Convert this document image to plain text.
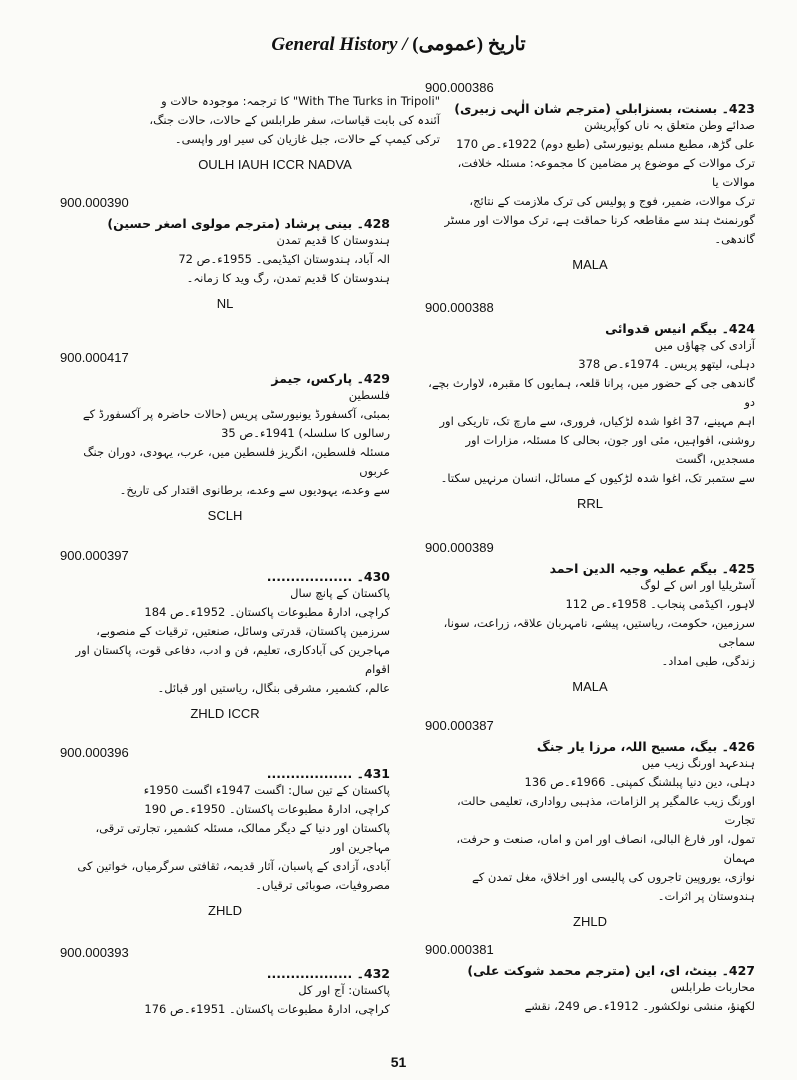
General History / تاریخ (عمومی)
"With The Turks in Tripoli" کا ترجمہ: موجودہ حالات و
آئندہ کی بابت قیاسات، سفر طرابلس کے حالات، حالات جنگ،
ترکی کیمپ کے حالات، جبل غازیان کی سیر اور واپسی۔
OULH IAUH ICCR NADVA
900.000386
423۔ بسنت، بسنزابلی (مترجم شان الٰہی زبیری)
صدائے وطن متعلق بہ ناں کوآپریشن
علی گڑھ، مطبع مسلم یونیورسٹی (طبع دوم) 1922ء۔ص 170
ترک موالات کے موضوع پر مضامین کا مجموعہ: مسئلہ خلافت، موالات یا
ترک موالات، ضمیر، فوج و پولیس کی ترک ملازمت کے نتائج،
گورنمنٹ ہند سے مقاطعہ کرنا حماقت ہے، ترک موالات اور مسٹر
گاندھی۔
MALA
900.000388
424۔ بیگم انیس قدوائی
آزادی کی چھاؤں میں
دہلی، لیتھو پریس۔ 1974ء۔ص 378
گاندھی جی کے حضور میں، پرانا قلعہ، ہمایوں کا مقبرہ، لاوارث بچے، دو
اہم مہینے، 37 اغوا شدہ لڑکیاں، فروری، سے مارچ تک، تاریکی اور
روشنی، افواہیں، مئی اور جون، بحالی کا مسئلہ، مزارات اور مسجدیں، اگست
سے ستمبر تک، اغوا شدہ لڑکیوں کے مسائل، انسان مرنہیں سکتا۔
RRL
900.000389
425۔ بیگم عطیہ وجیہ الدین احمد
آسٹریلیا اور اس کے لوگ
لاہور، اکیڈمی پنجاب۔ 1958ء۔ص 112
سرزمین، حکومت، ریاستیں، پیشے، نامہربان علاقہ، زراعت، سونا، سماجی
زندگی، طبی امداد۔
MALA
900.000387
426۔ بیگ، مسیح اللہ، مرزا یار جنگ
ہندعہد اورنگ زیب میں
دہلی، دین دنیا پبلشنگ کمپنی۔ 1966ء۔ص 136
اورنگ زیب عالمگیر پر الزامات، مذہبی رواداری، تعلیمی حالت، تجارت
تمول، اور فارغ البالی، انصاف اور امن و اماں، صنعت و حرفت، مہمان
نوازی، یوروپین تاجروں کی پالیسی اور اخلاق، مغل تمدن کے
ہندوستان پر اثرات۔
ZHLD
900.000381
427۔ بینٹ، ای، این (مترجم محمد شوکت علی)
محاربات طرابلس
لکھنؤ، منشی نولکشور۔ 1912ء۔ص 249، نقشے
900.000390
428۔ بینی پرشاد (مترجم مولوی اصغر حسین)
ہندوستان کا قدیم تمدن
الہ آباد، ہندوستان اکیڈیمی۔ 1955ء۔ص 72
ہندوستان کا قدیم تمدن، رگ وید کا زمانہ۔
NL
900.000417
429۔ پارکس، جیمز
فلسطین
بمبئی، آکسفورڈ یونیورسٹی پریس (حالات حاضرہ پر آکسفورڈ کے
رسالوں کا سلسلہ) 1941ء۔ص 35
مسئلہ فلسطین، انگریز فلسطین میں، عرب، یہودی، دوران جنگ عربوں
سے وعدے، یہودیوں سے وعدے، برطانوی اقتدار کی تاریخ۔
SCLH
900.000397
430۔ ..................
پاکستان کے پانچ سال
کراچی، ادارۂ مطبوعات پاکستان۔ 1952ء۔ص 184
سرزمین پاکستان، قدرتی وسائل، صنعتیں، ترقیات کے منصوبے،
مہاجرین کی آبادکاری، تعلیم، فن و ادب، دفاعی قوت، پاکستان اور اقوام
عالم، کشمیر، مشرقی بنگال، ریاستیں اور قبائل۔
ZHLD ICCR
900.000396
431۔ ..................
پاکستان کے تین سال: اگست 1947ء اگست 1950ء
کراچی، ادارۂ مطبوعات پاکستان۔ 1950ء۔ص 190
پاکستان اور دنیا کے دیگر ممالک، مسئلہ کشمیر، تجارتی ترقی، مہاجرین اور
آبادی، آزادی کے پاسبان، آثار قدیمہ، ثقافتی سرگرمیاں، خواتین کی
مصروفیات، صوبائی ترقیاں۔
ZHLD
900.000393
432۔ ..................
پاکستان: آج اور کل
کراچی، ادارۂ مطبوعات پاکستان۔ 1951ء۔ص 176
51
